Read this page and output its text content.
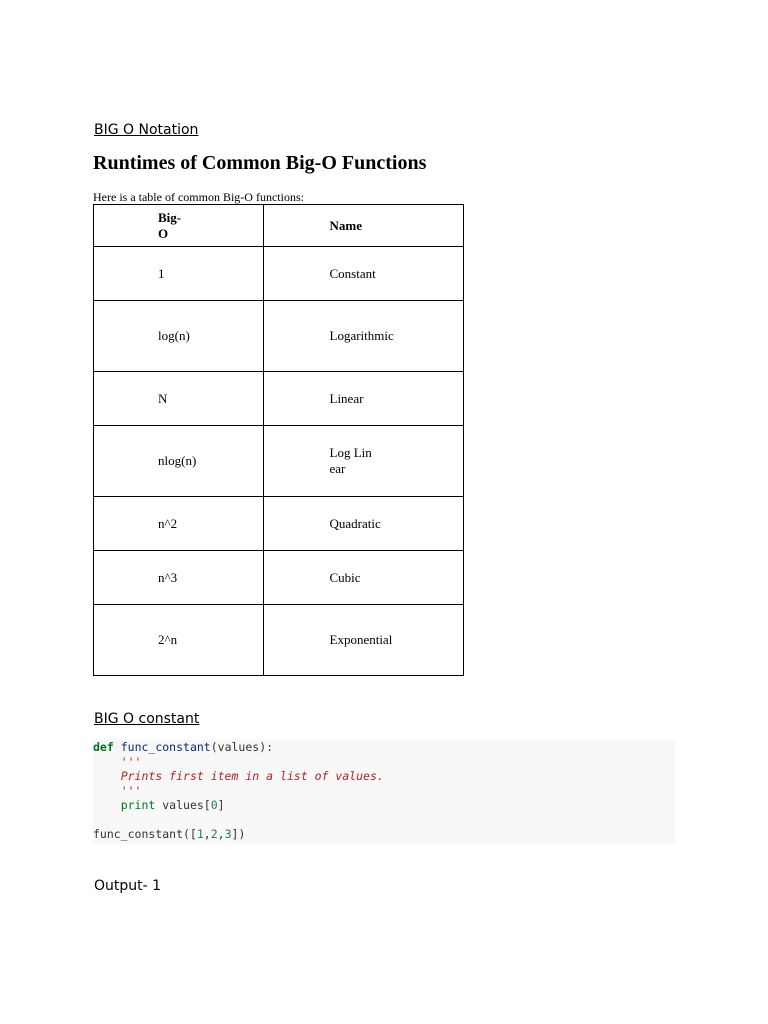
BIG O Notation
Runtimes of Common Big-O Functions
Here is a table of common Big-O functions:
Big-O	Name
1	Constant
log(n)	Logarithmic
N	Linear
nlog(n)	Log Linear
n^2	Quadratic
n^3	Cubic
2^n	Exponential
BIG O constant
def func_constant(values):
'''
Prints first item in a list of values.
'''
print values[0]

func_constant([1,2,3])
Output- 1
